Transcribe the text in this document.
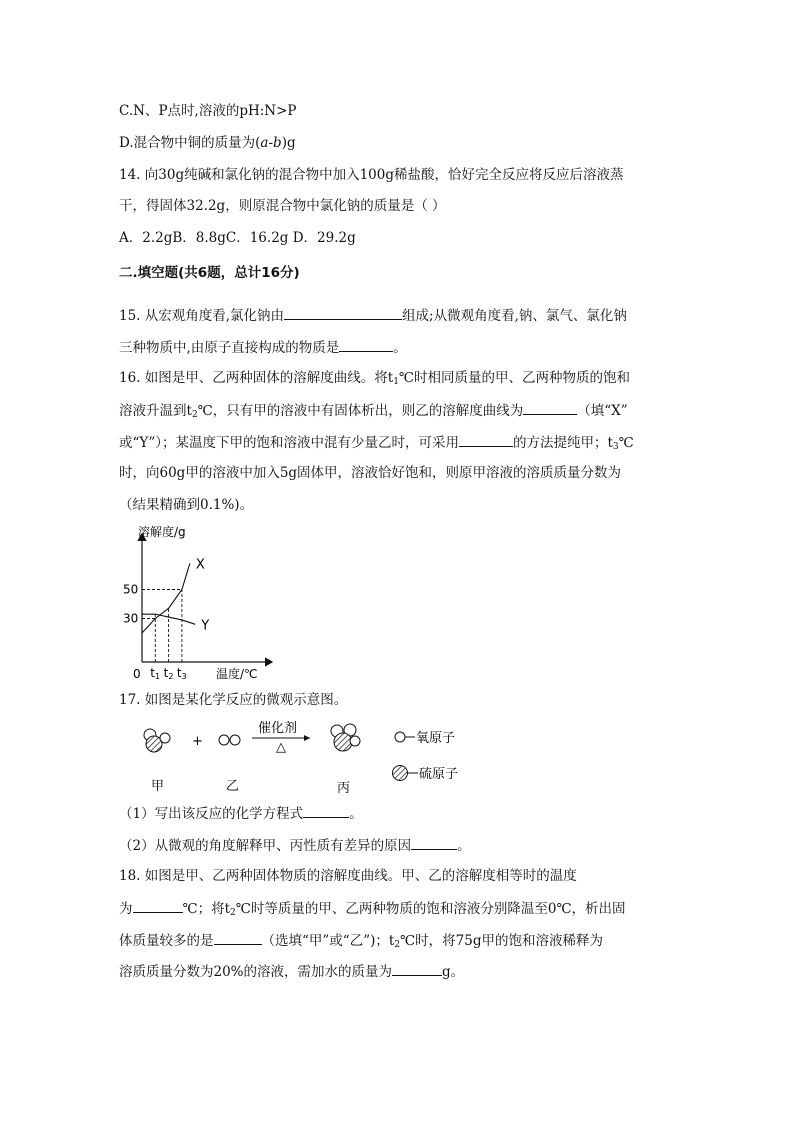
C.N、P点时,溶液的pH:N>P
D.混合物中铜的质量为(a-b)g
14. 向30g纯碱和氯化钠的混合物中加入100g稀盐酸，恰好完全反应将反应后溶液蒸
干，得固体32.2g，则原混合物中氯化钠的质量是（ ）
A．2.2gB．8.8gC．16.2g D．29.2g
二.填空题(共6题，总计16分)
15. 从宏观角度看,氯化钠由	组成;从微观角度看,钠、氯气、氯化钠
三种物质中,由原子直接构成的物质是	。
16. 如图是甲、乙两种固体的溶解度曲线。将$t_1℃$时相同质量的甲、乙两种物质的饱和
溶液升温到$t_2℃$，只有甲的溶液中有固体析出，则乙的溶解度曲线为	（填“X”
或“Y”）；某温度下甲的饱和溶液中混有少量乙时，可采用	的方法提纯甲；$t_3℃$
时，向60g甲的溶液中加入5g固体甲，溶液恰好饱和，则原甲溶液的溶质质量分数为
（结果精确到0.1%)。
溶解度/g
温度/℃
0
30
50
t1 t2 t3
X
Y
17. 如图是某化学反应的微观示意图。
+
催化剂
△
甲	乙	丙
氧原子
硫原子
（1）写出该反应的化学方程式	。
（2）从微观的角度解释甲、丙性质有差异的原因	。
18. 如图是甲、乙两种固体物质的溶解度曲线。甲、乙的溶解度相等时的温度
为	℃；将$t_2℃$时等质量的甲、乙两种物质的饱和溶液分别降温至0℃，析出固
体质量较多的是	（选填“甲”或“乙”)；$t_2℃$时，将75g甲的饱和溶液稀释为
溶质质量分数为20%的溶液，需加水的质量为	g。
